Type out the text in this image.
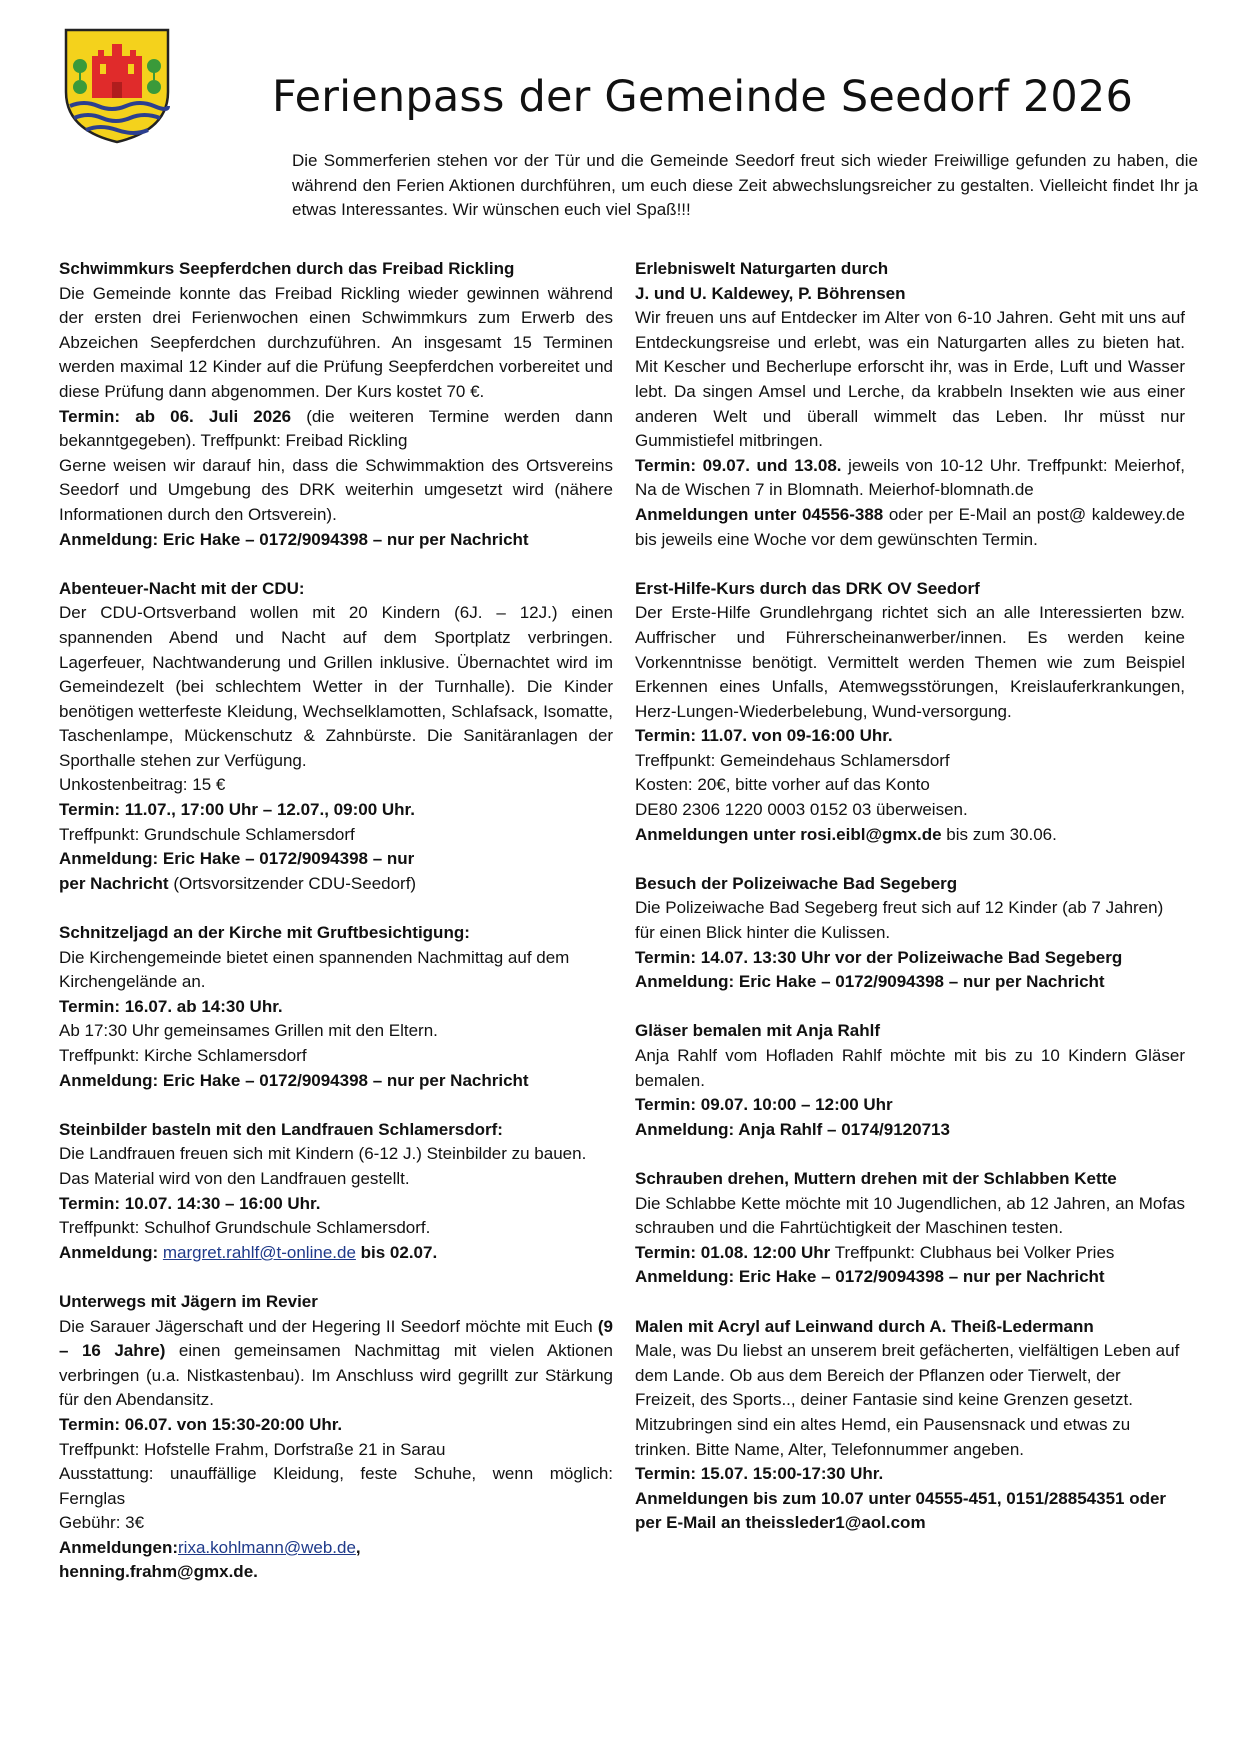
Ferienpass der Gemeinde Seedorf 2026

Die Sommerferien stehen vor der Tür und die Gemeinde Seedorf freut sich wieder Freiwillige gefunden zu haben, die während den Ferien Aktionen durchführen, um euch diese Zeit abwechslungsreicher zu gestalten. Vielleicht findet Ihr ja etwas Interessantes. Wir wünschen euch viel Spaß!!!

Schwimmkurs Seepferdchen durch das Freibad Rickling

Die Gemeinde konnte das Freibad Rickling wieder gewinnen während der ersten drei Ferienwochen einen Schwimmkurs zum Erwerb des Abzeichen Seepferdchen durchzuführen. An insgesamt 15 Terminen werden maximal 12 Kinder auf die Prüfung Seepferdchen vorbereitet und diese Prüfung dann abgenommen. Der Kurs kostet 70 €.

Termin: ab 06. Juli 2026 (die weiteren Termine werden dann bekanntgegeben). Treffpunkt: Freibad Rickling

Gerne weisen wir darauf hin, dass die Schwimmaktion des Ortsvereins Seedorf und Umgebung des DRK weiterhin umgesetzt wird (nähere Informationen durch den Ortsverein).

Anmeldung: Eric Hake – 0172/9094398 – nur per Nachricht

Abenteuer-Nacht mit der CDU:

Der CDU-Ortsverband wollen mit 20 Kindern (6J. – 12J.) einen spannenden Abend und Nacht auf dem Sportplatz verbringen. Lagerfeuer, Nachtwanderung und Grillen inklusive. Übernachtet wird im Gemeindezelt (bei schlechtem Wetter in der Turnhalle). Die Kinder benötigen wetterfeste Kleidung, Wechselklamotten, Schlafsack, Isomatte, Taschenlampe, Mückenschutz & Zahnbürste. Die Sanitäranlagen der Sporthalle stehen zur Verfügung.

Unkostenbeitrag: 15 €

Termin: 11.07., 17:00 Uhr – 12.07., 09:00 Uhr.

Treffpunkt: Grundschule Schlamersdorf

Anmeldung: Eric Hake – 0172/9094398 – nur

per Nachricht (Ortsvorsitzender CDU-Seedorf)

Schnitzeljagd an der Kirche mit Gruftbesichtigung:

Die Kirchengemeinde bietet einen spannenden Nachmittag auf dem Kirchengelände an.

Termin: 16.07. ab 14:30 Uhr.

Ab 17:30 Uhr gemeinsames Grillen mit den Eltern.

Treffpunkt: Kirche Schlamersdorf

Anmeldung: Eric Hake – 0172/9094398 – nur per Nachricht

Steinbilder basteln mit den Landfrauen Schlamersdorf:

Die Landfrauen freuen sich mit Kindern (6-12 J.) Steinbilder zu bauen. Das Material wird von den Landfrauen gestellt.

Termin: 10.07. 14:30 – 16:00 Uhr.

Treffpunkt: Schulhof Grundschule Schlamersdorf.

Anmeldung: margret.rahlf@t-online.de bis 02.07.

Unterwegs mit Jägern im Revier

Die Sarauer Jägerschaft und der Hegering II Seedorf möchte mit Euch (9 – 16 Jahre) einen gemeinsamen Nachmittag mit vielen Aktionen verbringen (u.a. Nistkastenbau). Im Anschluss wird gegrillt zur Stärkung für den Abendansitz.

Termin: 06.07. von 15:30-20:00 Uhr.

Treffpunkt: Hofstelle Frahm, Dorfstraße 21 in Sarau

Ausstattung: unauffällige Kleidung, feste Schuhe, wenn möglich: Fernglas

Gebühr: 3€

Anmeldungen:rixa.kohlmann@web.de,

henning.frahm@gmx.de.

Erlebniswelt Naturgarten durch
J. und U. Kaldewey, P. Böhrensen

Wir freuen uns auf Entdecker im Alter von 6-10 Jahren. Geht mit uns auf Entdeckungsreise und erlebt, was ein Naturgarten alles zu bieten hat. Mit Kescher und Becherlupe erforscht ihr, was in Erde, Luft und Wasser lebt. Da singen Amsel und Lerche, da krabbeln Insekten wie aus einer anderen Welt und überall wimmelt das Leben. Ihr müsst nur Gummistiefel mitbringen.

Termin: 09.07. und 13.08. jeweils von 10-12 Uhr. Treffpunkt: Meierhof, Na de Wischen 7 in Blomnath. Meierhof-blomnath.de

Anmeldungen unter 04556-388 oder per E-Mail an post@ kaldewey.de bis jeweils eine Woche vor dem gewünschten Termin.

Erst-Hilfe-Kurs durch das DRK OV Seedorf

Der Erste-Hilfe Grundlehrgang richtet sich an alle Interessierten bzw. Auffrischer und Führerscheinanwerber/innen. Es werden keine Vorkenntnisse benötigt. Vermittelt werden Themen wie zum Beispiel Erkennen eines Unfalls, Atemwegsstörungen, Kreislauferkrankungen, Herz-Lungen-Wiederbelebung, Wund-versorgung.

Termin: 11.07. von 09-16:00 Uhr.

Treffpunkt: Gemeindehaus Schlamersdorf

Kosten: 20€, bitte vorher auf das Konto

DE80 2306 1220 0003 0152 03 überweisen.

Anmeldungen unter rosi.eibl@gmx.de bis zum 30.06.

Besuch der Polizeiwache Bad Segeberg

Die Polizeiwache Bad Segeberg freut sich auf 12 Kinder (ab 7 Jahren) für einen Blick hinter die Kulissen.

Termin: 14.07. 13:30 Uhr vor der Polizeiwache Bad Segeberg

Anmeldung: Eric Hake – 0172/9094398 – nur per Nachricht

Gläser bemalen mit Anja Rahlf

Anja Rahlf vom Hofladen Rahlf möchte mit bis zu 10 Kindern Gläser bemalen.

Termin: 09.07. 10:00 – 12:00 Uhr

Anmeldung: Anja Rahlf – 0174/9120713

Schrauben drehen, Muttern drehen mit der Schlabben Kette

Die Schlabbe Kette möchte mit 10 Jugendlichen, ab 12 Jahren, an Mofas schrauben und die Fahrtüchtigkeit der Maschinen testen.

Termin: 01.08. 12:00 Uhr Treffpunkt: Clubhaus bei Volker Pries

Anmeldung: Eric Hake – 0172/9094398 – nur per Nachricht

Malen mit Acryl auf Leinwand durch A. Theiß-Ledermann

Male, was Du liebst an unserem breit gefächerten, vielfältigen Leben auf dem Lande. Ob aus dem Bereich der Pflanzen oder Tierwelt, der Freizeit, des Sports.., deiner Fantasie sind keine Grenzen gesetzt.

Mitzubringen sind ein altes Hemd, ein Pausensnack und etwas zu trinken. Bitte Name, Alter, Telefonnummer angeben.

Termin: 15.07. 15:00-17:30 Uhr.

Anmeldungen bis zum 10.07 unter 04555-451, 0151/28854351 oder per E-Mail an theissleder1@aol.com
